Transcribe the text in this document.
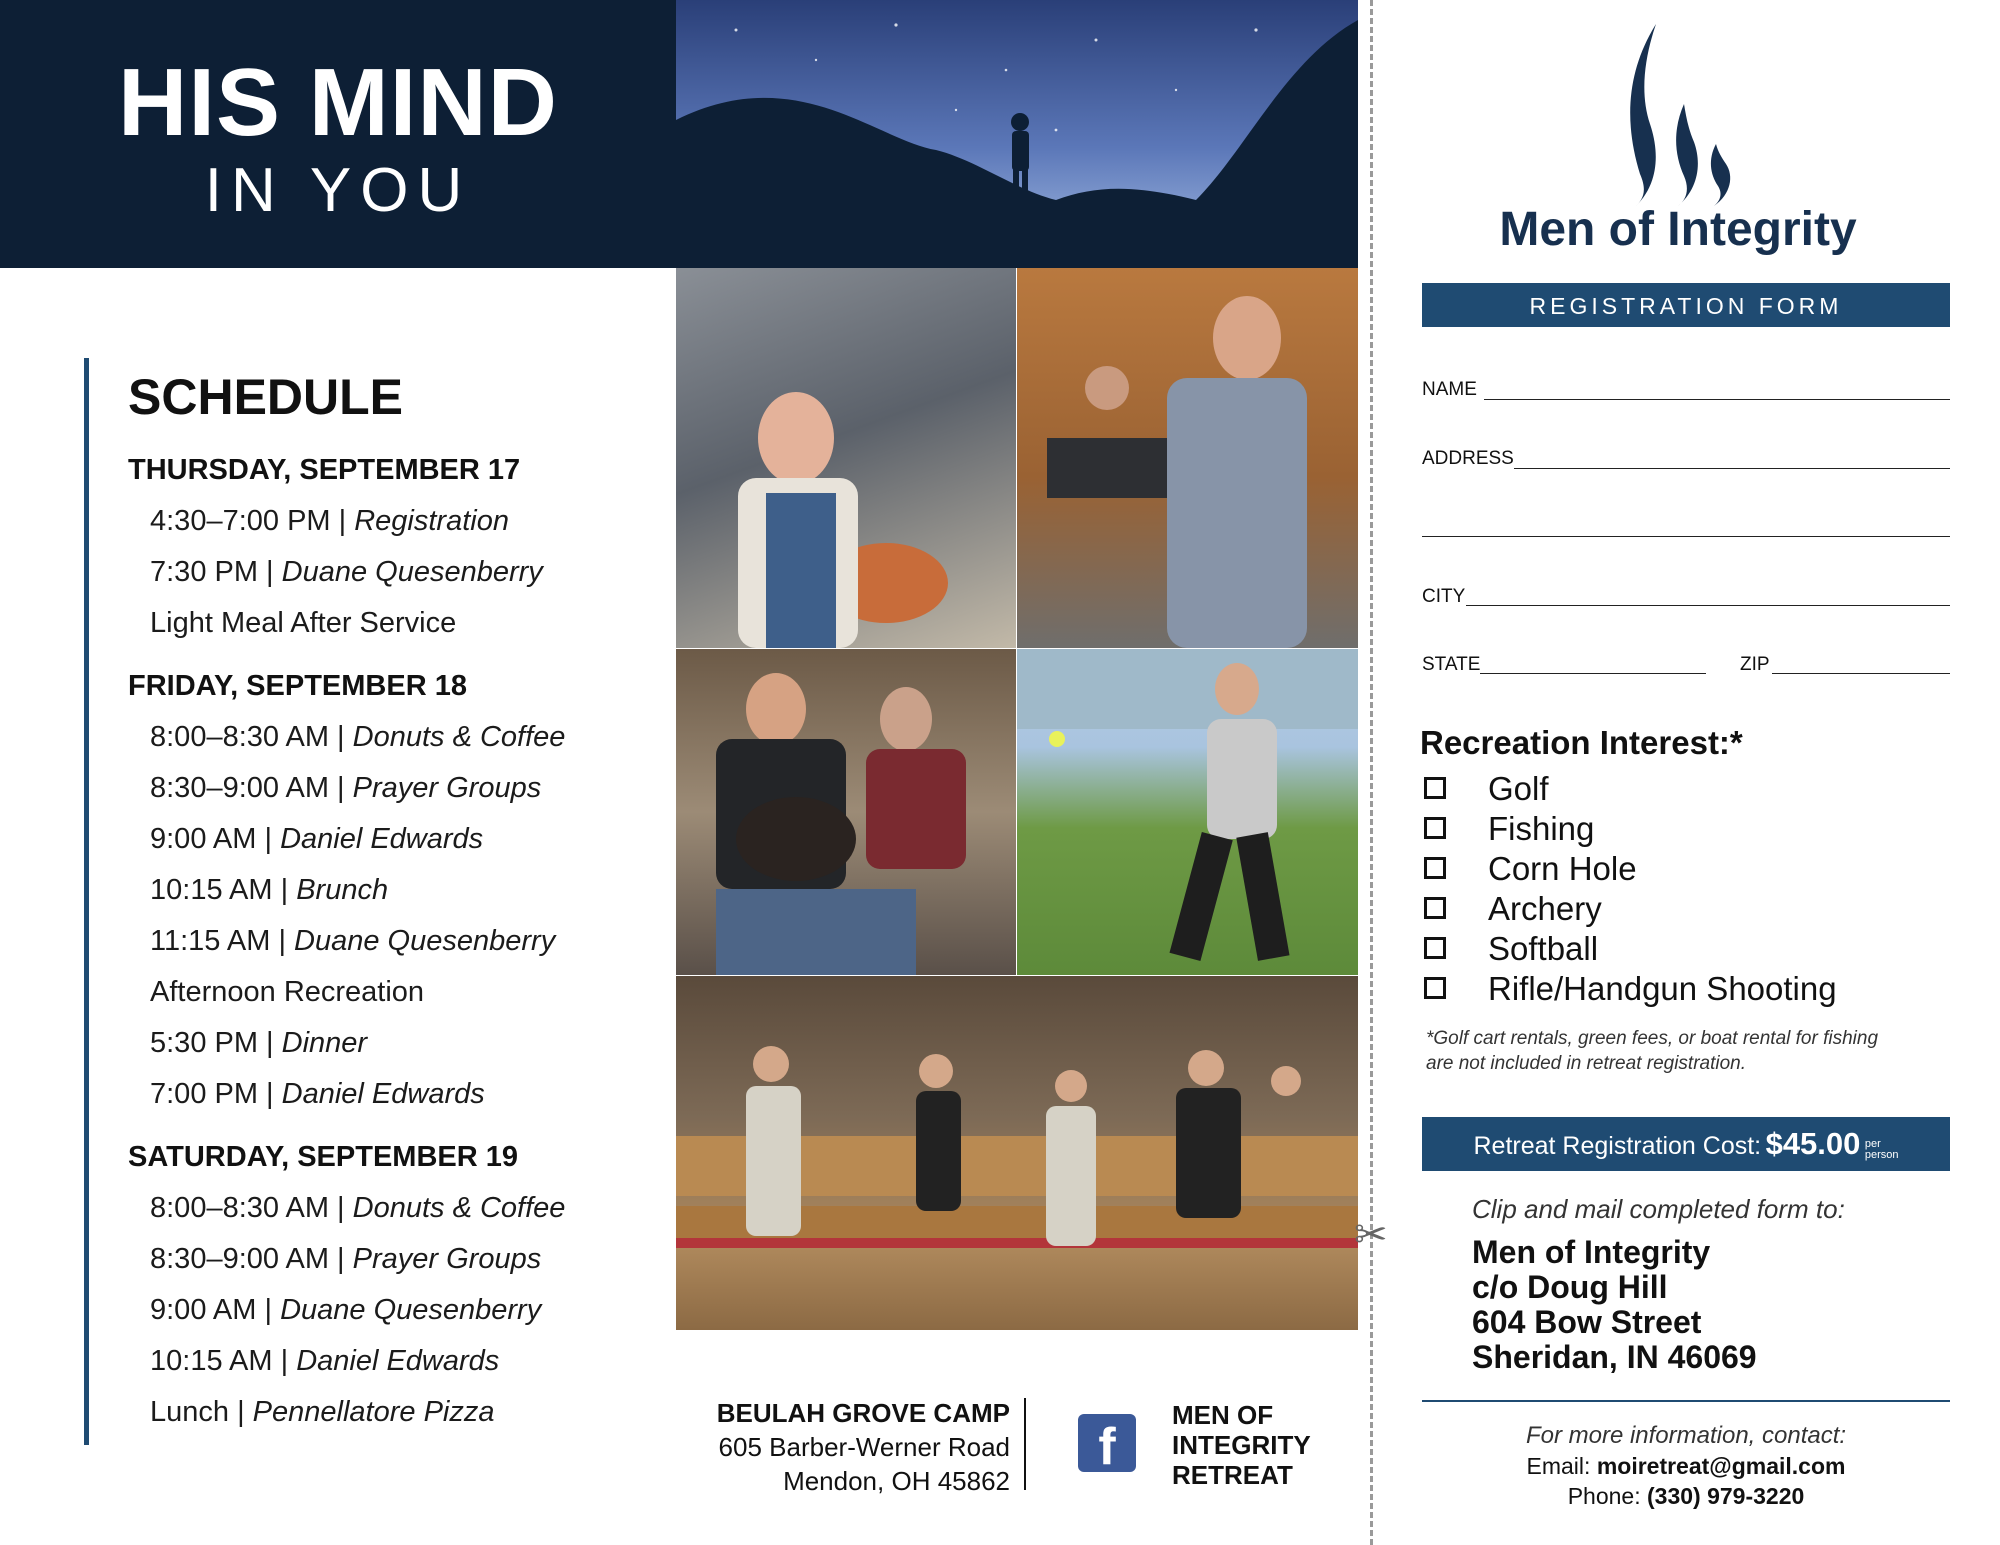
HIS MIND
IN YOU
SCHEDULE
THURSDAY, SEPTEMBER 17
4:30–7:00 PM | Registration
7:30 PM | Duane Quesenberry
Light Meal After Service
FRIDAY, SEPTEMBER 18
8:00–8:30 AM | Donuts & Coffee
8:30–9:00 AM | Prayer Groups
9:00 AM | Daniel Edwards
10:15 AM | Brunch
11:15 AM | Duane Quesenberry
Afternoon Recreation
5:30 PM | Dinner
7:00 PM | Daniel Edwards
SATURDAY, SEPTEMBER 19
8:00–8:30 AM | Donuts & Coffee
8:30–9:00 AM | Prayer Groups
9:00 AM | Duane Quesenberry
10:15 AM | Daniel Edwards
Lunch | Pennellatore Pizza	BEULAH GROVE CAMP
605 Barber-Werner Road
Mendon, OH 45862
f
MEN OF
INTEGRITY
RETREAT
✂
Men of Integrity
REGISTRATION FORM
NAME
ADDRESS
CITY
STATE	ZIP
Recreation Interest:*
Golf
Fishing
Corn Hole
Archery
Softball
Rifle/Handgun Shooting
*Golf cart rentals, green fees, or boat rental for fishing
are not included in retreat registration.
Retreat Registration Cost: $45.00 per
person
Clip and mail completed form to:
Men of Integrity
c/o Doug Hill
604 Bow Street
Sheridan, IN 46069
For more information, contact:
Email: moiretreat@gmail.com
Phone: (330) 979-3220
